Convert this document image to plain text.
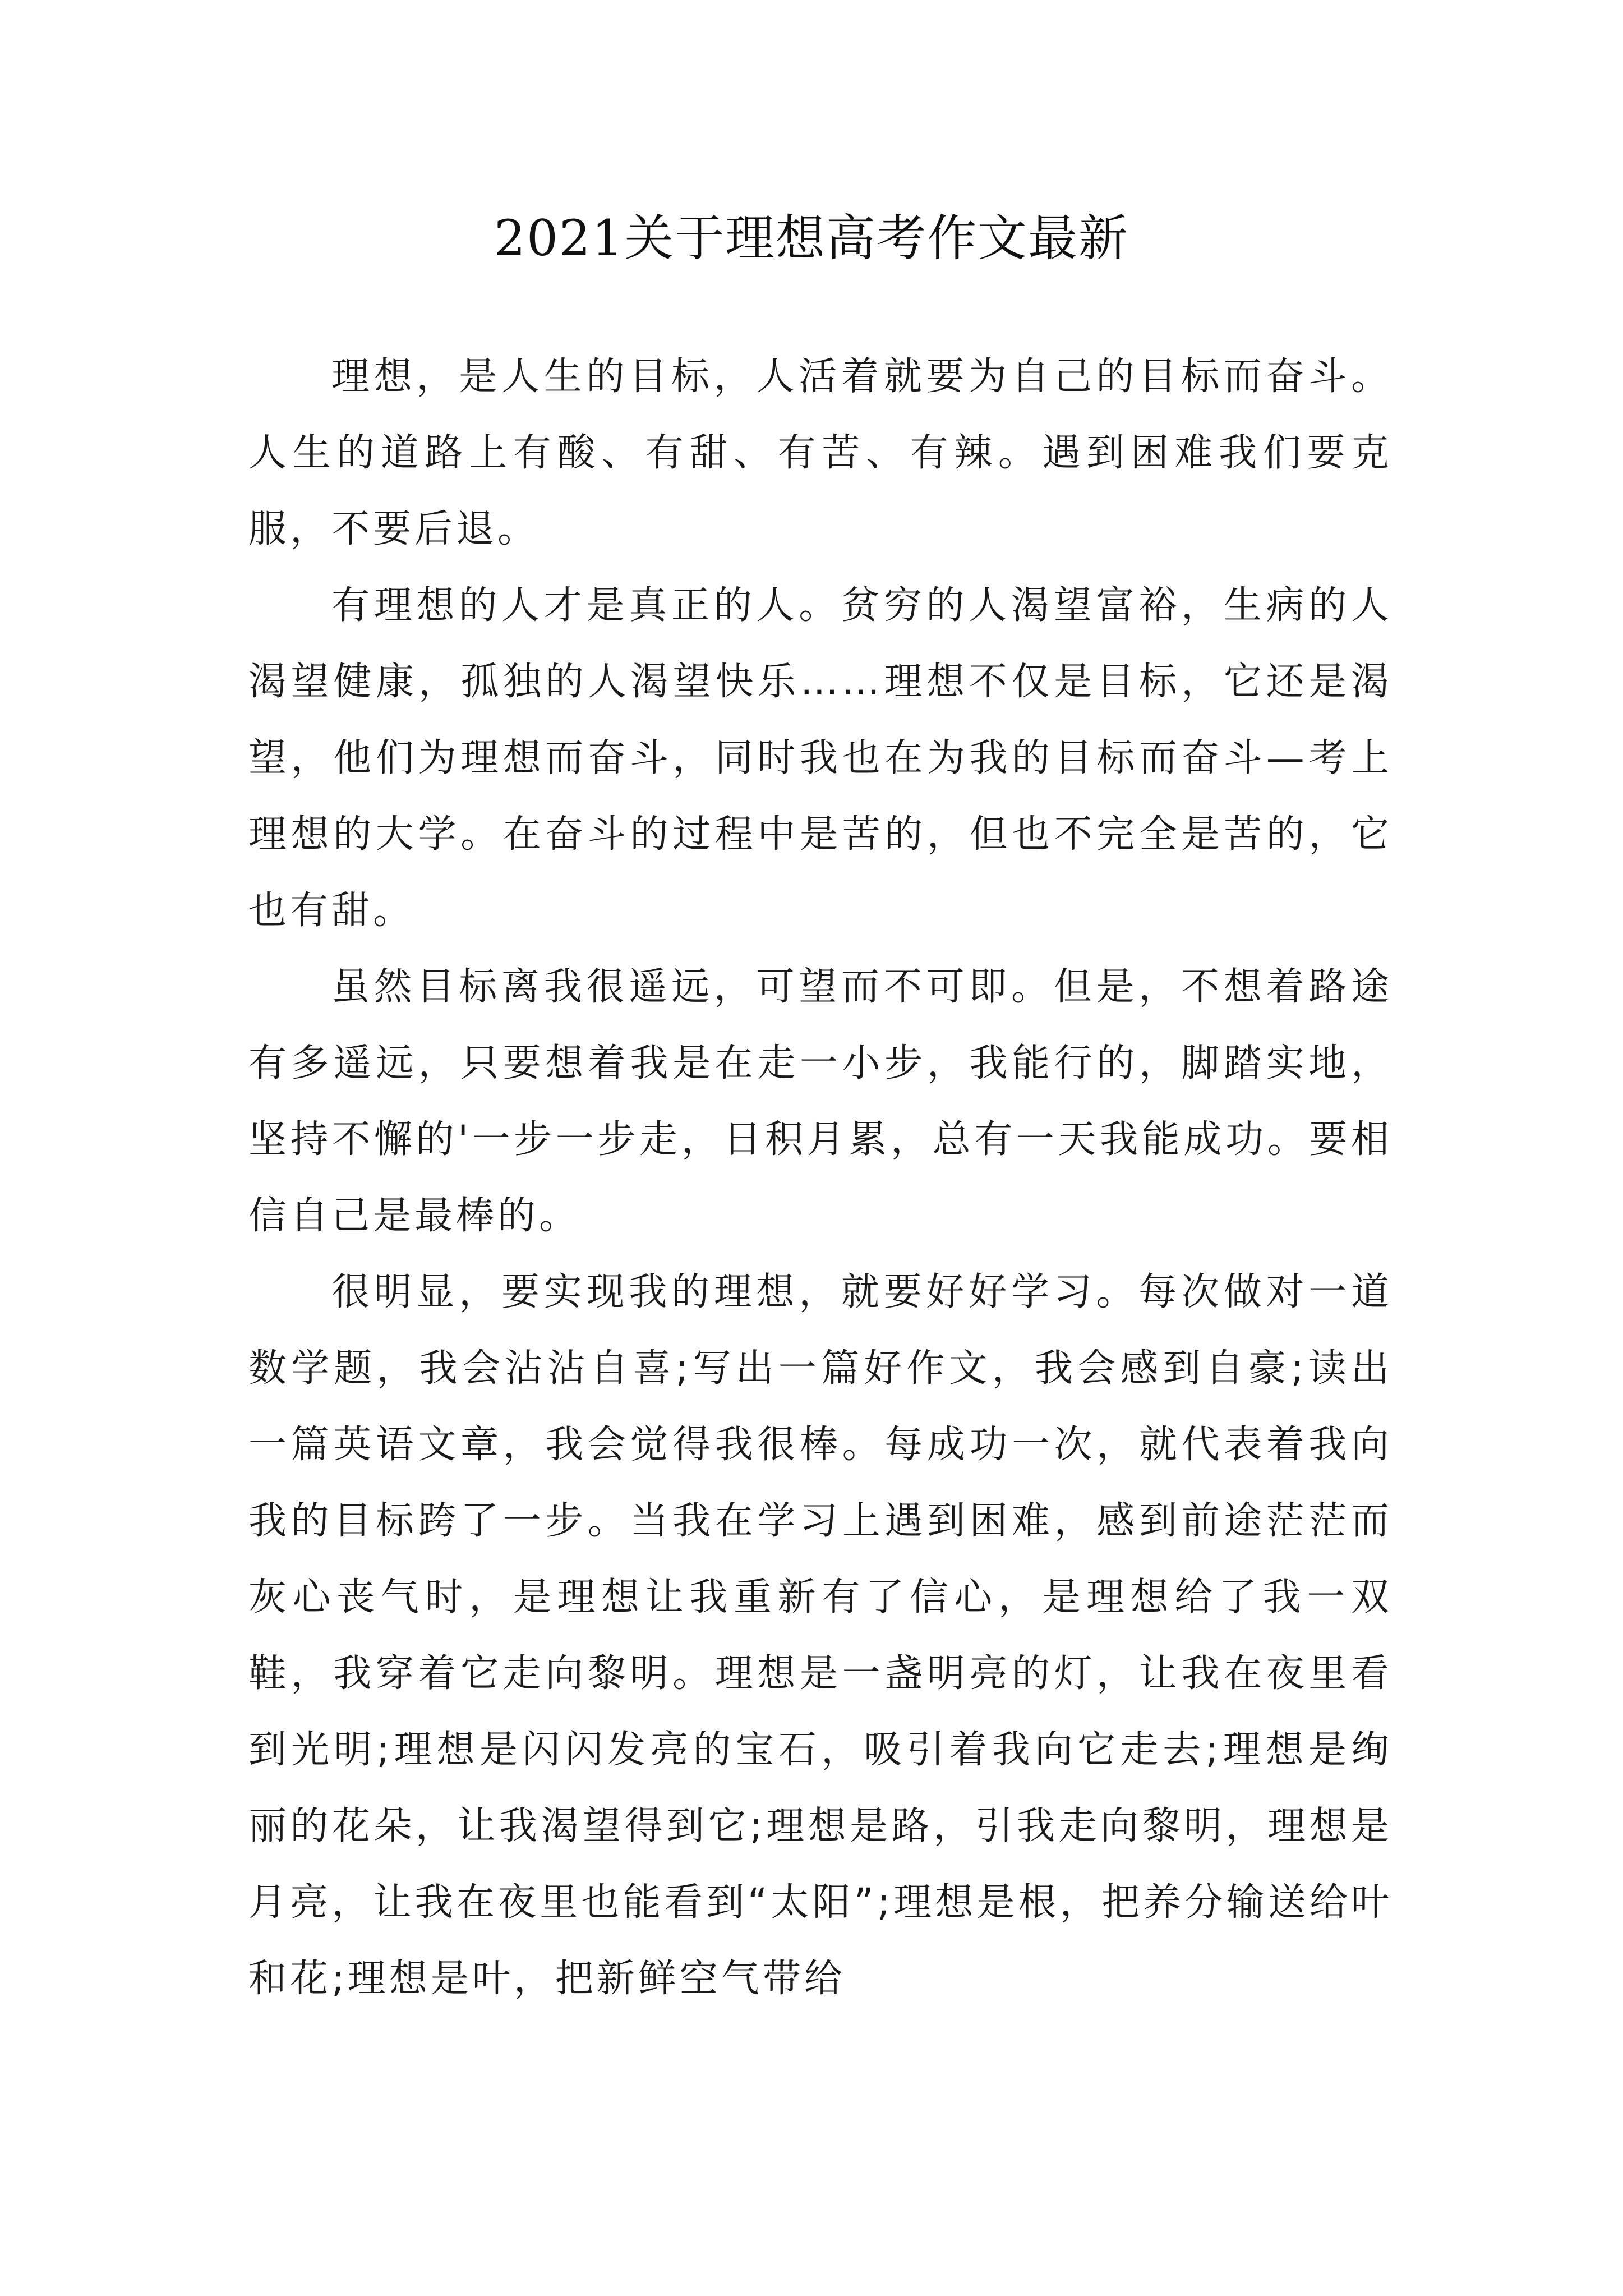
2021关于理想高考作文最新

理想，是人生的目标，人活着就要为自己的目标而奋斗。人生的道路上有酸、有甜、有苦、有辣。遇到困难我们要克服，不要后退。

有理想的人才是真正的人。贫穷的人渴望富裕，生病的人渴望健康，孤独的人渴望快乐……理想不仅是目标，它还是渴望，他们为理想而奋斗，同时我也在为我的目标而奋斗—考上理想的大学。在奋斗的过程中是苦的，但也不完全是苦的，它也有甜。

虽然目标离我很遥远，可望而不可即。但是，不想着路途有多遥远，只要想着我是在走一小步，我能行的，脚踏实地，坚持不懈的'一步一步走，日积月累，总有一天我能成功。要相信自己是最棒的。

很明显，要实现我的理想，就要好好学习。每次做对一道数学题，我会沾沾自喜;写出一篇好作文，我会感到自豪;读出一篇英语文章，我会觉得我很棒。每成功一次，就代表着我向我的目标跨了一步。当我在学习上遇到困难，感到前途茫茫而灰心丧气时，是理想让我重新有了信心，是理想给了我一双鞋，我穿着它走向黎明。理想是一盏明亮的灯，让我在夜里看到光明;理想是闪闪发亮的宝石，吸引着我向它走去;理想是绚丽的花朵，让我渴望得到它;理想是路，引我走向黎明，理想是月亮，让我在夜里也能看到“太阳”;理想是根，把养分输送给叶和花;理想是叶，把新鲜空气带给
